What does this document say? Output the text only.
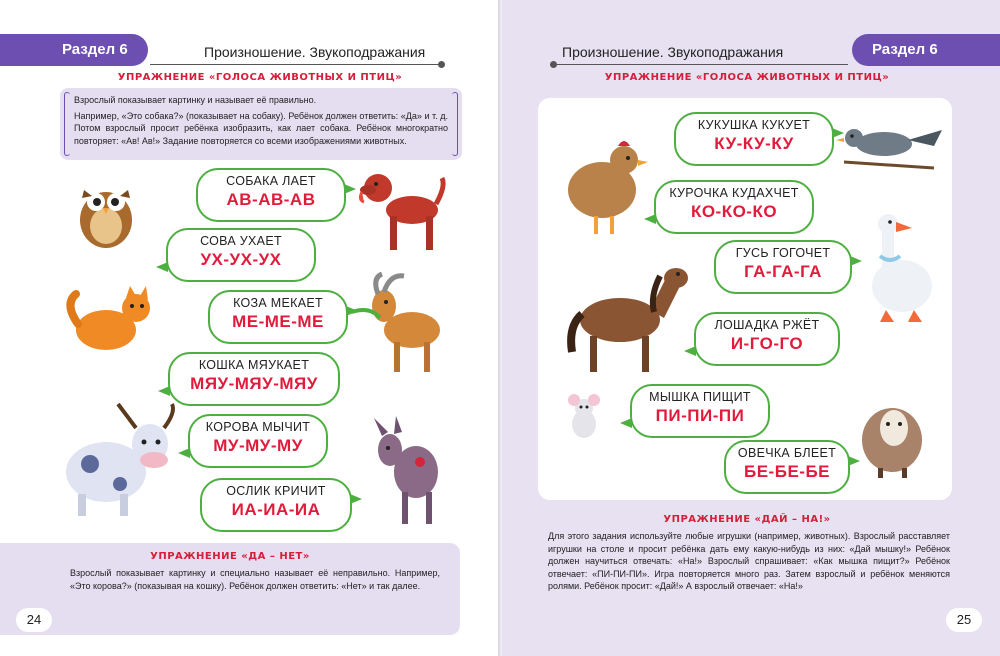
Раздел 6	Произношение. Звукоподражания
УПРАЖНЕНИЕ «ГОЛОСА ЖИВОТНЫХ И ПТИЦ»

Взрослый показывает картинку и называет её правильно.

Например, «Это собака?» (показывает на собаку). Ребёнок должен ответить: «Да» и т. д. Потом взрослый просит ребёнка изобразить, как лает собака. Ребёнок многократно повторяет: «Ав! Ав!» Задание повторяется со всеми изображениями животных.

СОБАКА ЛАЕТ
АВ-АВ-АВ
СОВА УХАЕТ
УХ-УХ-УХ
КОЗА МЕКАЕТ
МЕ-МЕ-МЕ
КОШКА МЯУКАЕТ
МЯУ-МЯУ-МЯУ
КОРОВА МЫЧИТ
МУ-МУ-МУ
ОСЛИК КРИЧИТ
ИА-ИА-ИА
УПРАЖНЕНИЕ «ДА – НЕТ»
Взрослый показывает картинку и специально называет её неправильно. Например, «Это корова?» (показывая на кошку). Ребёнок должен ответить: «Нет» и так далее.
24
Раздел 6
Произношение. Звукоподражания
УПРАЖНЕНИЕ «ГОЛОСА ЖИВОТНЫХ И ПТИЦ»
КУКУШКА КУКУЕТ
КУ-КУ-КУ
КУРОЧКА КУДАХЧЕТ
КО-КО-КО
ГУСЬ ГОГОЧЕТ
ГА-ГА-ГА
ЛОШАДКА РЖЁТ
И-ГО-ГО
МЫШКА ПИЩИТ
ПИ-ПИ-ПИ
ОВЕЧКА БЛЕЕТ
БЕ-БЕ-БЕ
УПРАЖНЕНИЕ «ДАЙ – НА!»
Для этого задания используйте любые игрушки (например, животных). Взрослый расставляет игрушки на столе и просит ребёнка дать ему какую-нибудь из них: «Дай мышку!» Ребёнок должен научиться отвечать: «На!» Взрослый спрашивает: «Как мышка пищит?» Ребёнок отвечает: «ПИ-ПИ-ПИ». Игра повторяется много раз. Затем взрослый и ребёнок меняются ролями. Ребёнок просит: «Дай!» А взрослый отвечает: «На!»
25
